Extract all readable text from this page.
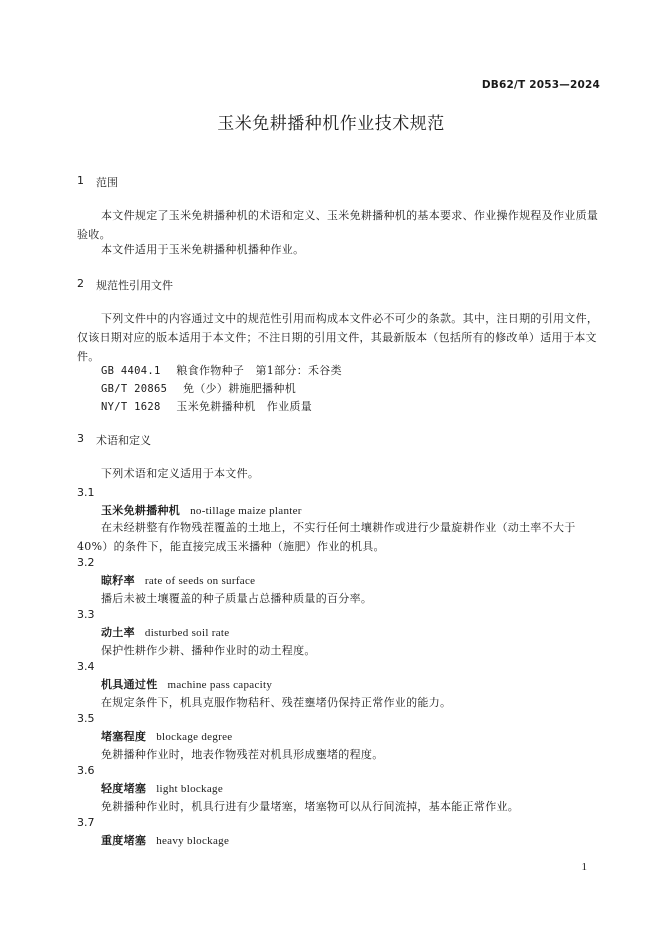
DB62/T 2053—2024
玉米免耕播种机作业技术规范
1 范围
本文件规定了玉米免耕播种机的术语和定义、玉米免耕播种机的基本要求、作业操作规程及作业质量验收。
本文件适用于玉米免耕播种机播种作业。
2 规范性引用文件
下列文件中的内容通过文中的规范性引用而构成本文件必不可少的条款。其中，注日期的引用文件，仅该日期对应的版本适用于本文件；不注日期的引用文件，其最新版本（包括所有的修改单）适用于本文件。
GB 4404.1 粮食作物种子　第1部分：禾谷类
GB/T 20865 免（少）耕施肥播种机
NY/T 1628 玉米免耕播种机　作业质量
3 术语和定义
下列术语和定义适用于本文件。
3.1
玉米免耕播种机 no-tillage maize planter
在未经耕整有作物残茬覆盖的土地上，不实行任何土壤耕作或进行少量旋耕作业（动土率不大于40%）的条件下，能直接完成玉米播种（施肥）作业的机具。
3.2
晾籽率 rate of seeds on surface
播后未被土壤覆盖的种子质量占总播种质量的百分率。
3.3
动土率 disturbed soil rate
保护性耕作少耕、播种作业时的动土程度。
3.4
机具通过性 machine pass capacity
在规定条件下，机具克服作物秸秆、残茬壅堵仍保持正常作业的能力。
3.5
堵塞程度 blockage degree
免耕播种作业时，地表作物残茬对机具形成壅堵的程度。
3.6
轻度堵塞 light blockage
免耕播种作业时，机具行进有少量堵塞，堵塞物可以从行间流掉，基本能正常作业。
3.7
重度堵塞 heavy blockage
1
